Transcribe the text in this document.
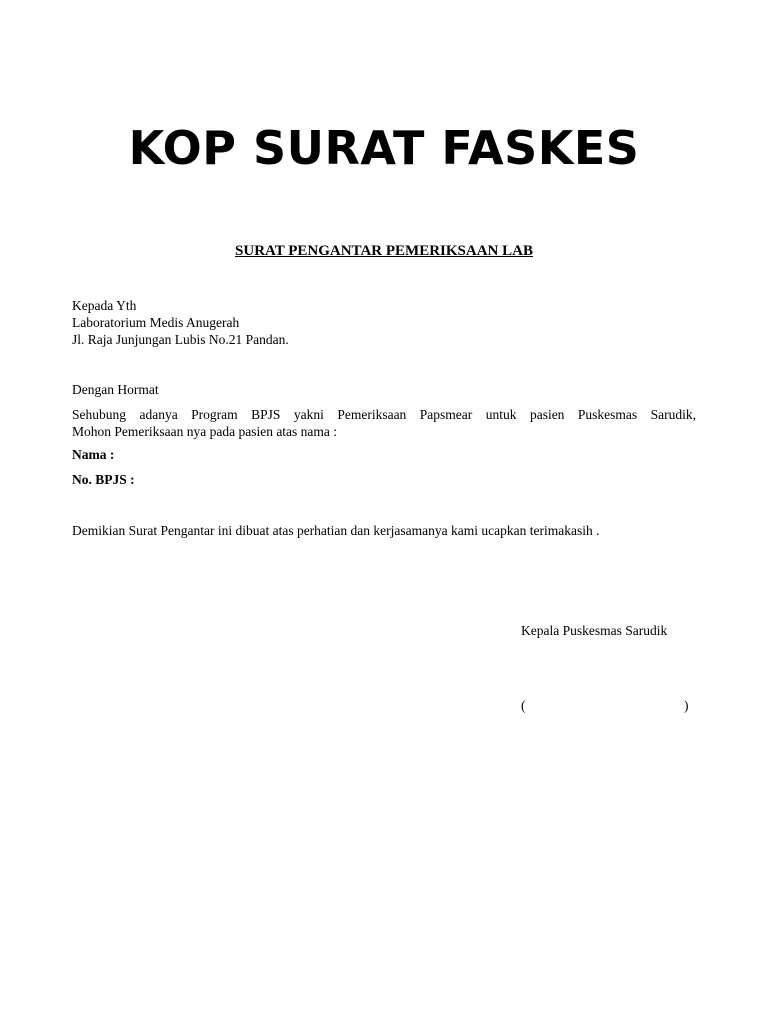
KOP SURAT FASKES
SURAT PENGANTAR PEMERIKSAAN LAB
Kepada Yth
Laboratorium Medis Anugerah
Jl. Raja Junjungan Lubis No.21 Pandan.
Dengan Hormat
Sehubung adanya Program BPJS yakni Pemeriksaan Papsmear untuk pasien Puskesmas Sarudik,
Mohon Pemeriksaan nya pada pasien atas nama :
Nama :
No. BPJS :
Demikian Surat Pengantar ini dibuat atas perhatian dan kerjasamanya kami ucapkan terimakasih .
Kepala Puskesmas Sarudik
(	)
